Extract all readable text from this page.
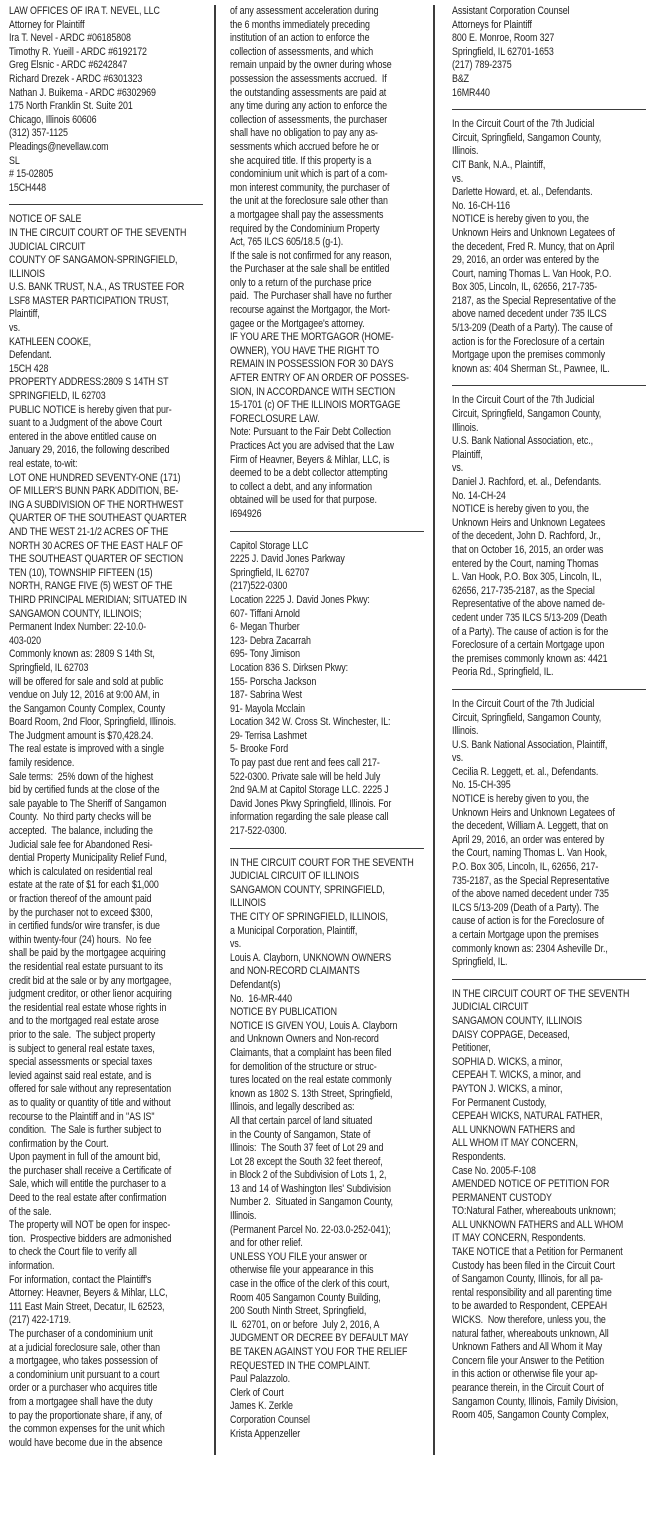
LAW OFFICES OF IRA T. NEVEL, LLC
Attorney for Plaintiff
Ira T. Nevel - ARDC #06185808
Timothy R. Yueill - ARDC #6192172
Greg Elsnic - ARDC #6242847
Richard Drezek - ARDC #6301323
Nathan J. Buikema - ARDC #6302969
175 North Franklin St. Suite 201
Chicago, Illinois 60606
(312) 357-1125
Pleadings@nevellaw.com
SL
# 15-02805
15CH448
NOTICE OF SALE
IN THE CIRCUIT COURT OF THE SEVENTH
JUDICIAL CIRCUIT
COUNTY OF SANGAMON-SPRINGFIELD,
ILLINOIS
U.S. BANK TRUST, N.A., AS TRUSTEE FOR
LSF8 MASTER PARTICIPATION TRUST,
Plaintiff,
vs.
KATHLEEN COOKE,
Defendant.
15CH 428
PROPERTY ADDRESS:2809 S 14TH ST
SPRINGFIELD, IL 62703
PUBLIC NOTICE is hereby given that pur-
suant to a Judgment of the above Court
entered in the above entitled cause on
January 29, 2016, the following described
real estate, to-wit:
LOT ONE HUNDRED SEVENTY-ONE (171)
OF MILLER'S BUNN PARK ADDITION, BE-
ING A SUBDIVISION OF THE NORTHWEST
QUARTER OF THE SOUTHEAST QUARTER
AND THE WEST 21-1/2 ACRES OF THE
NORTH 30 ACRES OF THE EAST HALF OF
THE SOUTHEAST QUARTER OF SECTION
TEN (10), TOWNSHIP FIFTEEN (15)
NORTH, RANGE FIVE (5) WEST OF THE
THIRD PRINCIPAL MERIDIAN; SITUATED IN
SANGAMON COUNTY, ILLINOIS;
Permanent Index Number: 22-10.0-
403-020
Commonly known as: 2809 S 14th St,
Springfield, IL 62703
will be offered for sale and sold at public
vendue on July 12, 2016 at 9:00 AM, in
the Sangamon County Complex, County
Board Room, 2nd Floor, Springfield, Illinois.
The Judgment amount is $70,428.24.
The real estate is improved with a single
family residence.
Sale terms:  25% down of the highest
bid by certified funds at the close of the
sale payable to The Sheriff of Sangamon
County.  No third party checks will be
accepted.  The balance, including the
Judicial sale fee for Abandoned Resi-
dential Property Municipality Relief Fund,
which is calculated on residential real
estate at the rate of $1 for each $1,000
or fraction thereof of the amount paid
by the purchaser not to exceed $300,
in certified funds/or wire transfer, is due
within twenty-four (24) hours.  No fee
shall be paid by the mortgagee acquiring
the residential real estate pursuant to its
credit bid at the sale or by any mortgagee,
judgment creditor, or other lienor acquiring
the residential real estate whose rights in
and to the mortgaged real estate arose
prior to the sale.  The subject property
is subject to general real estate taxes,
special assessments or special taxes
levied against said real estate, and is
offered for sale without any representation
as to quality or quantity of title and without
recourse to the Plaintiff and in "AS IS"
condition.  The Sale is further subject to
confirmation by the Court.
Upon payment in full of the amount bid,
the purchaser shall receive a Certificate of
Sale, which will entitle the purchaser to a
Deed to the real estate after confirmation
of the sale.
The property will NOT be open for inspec-
tion.  Prospective bidders are admonished
to check the Court file to verify all
information.
For information, contact the Plaintiff's
Attorney: Heavner, Beyers & Mihlar, LLC,
111 East Main Street, Decatur, IL 62523,
(217) 422-1719.
The purchaser of a condominium unit
at a judicial foreclosure sale, other than
a mortgagee, who takes possession of
a condominium unit pursuant to a court
order or a purchaser who acquires title
from a mortgagee shall have the duty
to pay the proportionate share, if any, of
the common expenses for the unit which
would have become due in the absence
of any assessment acceleration during
the 6 months immediately preceding
institution of an action to enforce the
collection of assessments, and which
remain unpaid by the owner during whose
possession the assessments accrued.  If
the outstanding assessments are paid at
any time during any action to enforce the
collection of assessments, the purchaser
shall have no obligation to pay any as-
sessments which accrued before he or
she acquired title. If this property is a
condominium unit which is part of a com-
mon interest community, the purchaser of
the unit at the foreclosure sale other than
a mortgagee shall pay the assessments
required by the Condominium Property
Act, 765 ILCS 605/18.5 (g-1).
If the sale is not confirmed for any reason,
the Purchaser at the sale shall be entitled
only to a return of the purchase price
paid.  The Purchaser shall have no further
recourse against the Mortgagor, the Mort-
gagee or the Mortgagee's attorney.
IF YOU ARE THE MORTGAGOR (HOME-
OWNER), YOU HAVE THE RIGHT TO
REMAIN IN POSSESSION FOR 30 DAYS
AFTER ENTRY OF AN ORDER OF POSSES-
SION, IN ACCORDANCE WITH SECTION
15-1701 (c) OF THE ILLINOIS MORTGAGE
FORECLOSURE LAW.
Note: Pursuant to the Fair Debt Collection
Practices Act you are advised that the Law
Firm of Heavner, Beyers & Mihlar, LLC, is
deemed to be a debt collector attempting
to collect a debt, and any information
obtained will be used for that purpose.
I694926
Capitol Storage LLC
2225 J. David Jones Parkway
Springfield, IL 62707
(217)522-0300
Location 2225 J. David Jones Pkwy:
607- Tiffani Arnold
6- Megan Thurber
123- Debra Zacarrah
695- Tony Jimison
Location 836 S. Dirksen Pkwy:
155- Porscha Jackson
187- Sabrina West
91- Mayola Mcclain
Location 342 W. Cross St. Winchester, IL:
29- Terrisa Lashmet
5- Brooke Ford
To pay past due rent and fees call 217-
522-0300. Private sale will be held July
2nd 9A.M at Capitol Storage LLC. 2225 J
David Jones Pkwy Springfield, Illinois. For
information regarding the sale please call
217-522-0300.
IN THE CIRCUIT COURT FOR THE SEVENTH
JUDICIAL CIRCUIT OF ILLINOIS
SANGAMON COUNTY, SPRINGFIELD,
ILLINOIS
THE CITY OF SPRINGFIELD, ILLINOIS,
a Municipal Corporation, Plaintiff,
vs.
Louis A. Clayborn, UNKNOWN OWNERS
and NON-RECORD CLAIMANTS
Defendant(s)
No.  16-MR-440
NOTICE BY PUBLICATION
NOTICE IS GIVEN YOU, Louis A. Clayborn
and Unknown Owners and Non-record
Claimants, that a complaint has been filed
for demolition of the structure or struc-
tures located on the real estate commonly
known as 1802 S. 13th Street, Springfield,
Illinois, and legally described as:
All that certain parcel of land situated
in the County of Sangamon, State of
Illinois:  The South 37 feet of Lot 29 and
Lot 28 except the South 32 feet thereof,
in Block 2 of the Subdivision of Lots 1, 2,
13 and 14 of Washington Iles' Subdivision
Number 2.  Situated in Sangamon County,
Illinois.
(Permanent Parcel No. 22-03.0-252-041);
and for other relief.
UNLESS YOU FILE your answer or
otherwise file your appearance in this
case in the office of the clerk of this court,
Room 405 Sangamon County Building,
200 South Ninth Street, Springfield,
IL  62701, on or before  July 2, 2016, A
JUDGMENT OR DECREE BY DEFAULT MAY
BE TAKEN AGAINST YOU FOR THE RELIEF
REQUESTED IN THE COMPLAINT.
Paul Palazzolo.
Clerk of Court
James K. Zerkle
Corporation Counsel
Krista Appenzeller
Assistant Corporation Counsel
Attorneys for Plaintiff
800 E. Monroe, Room 327
Springfield, IL 62701-1653
(217) 789-2375
B&Z
16MR440
In the Circuit Court of the 7th Judicial
Circuit, Springfield, Sangamon County,
Illinois.
CIT Bank, N.A., Plaintiff,
vs.
Darlette Howard, et. al., Defendants.
No. 16-CH-116
NOTICE is hereby given to you, the
Unknown Heirs and Unknown Legatees of
the decedent, Fred R. Muncy, that on April
29, 2016, an order was entered by the
Court, naming Thomas L. Van Hook, P.O.
Box 305, Lincoln, IL, 62656, 217-735-
2187, as the Special Representative of the
above named decedent under 735 ILCS
5/13-209 (Death of a Party). The cause of
action is for the Foreclosure of a certain
Mortgage upon the premises commonly
known as: 404 Sherman St., Pawnee, IL.
In the Circuit Court of the 7th Judicial
Circuit, Springfield, Sangamon County,
Illinois.
U.S. Bank National Association, etc.,
Plaintiff,
vs.
Daniel J. Rachford, et. al., Defendants.
No. 14-CH-24
NOTICE is hereby given to you, the
Unknown Heirs and Unknown Legatees
of the decedent, John D. Rachford, Jr.,
that on October 16, 2015, an order was
entered by the Court, naming Thomas
L. Van Hook, P.O. Box 305, Lincoln, IL,
62656, 217-735-2187, as the Special
Representative of the above named de-
cedent under 735 ILCS 5/13-209 (Death
of a Party). The cause of action is for the
Foreclosure of a certain Mortgage upon
the premises commonly known as: 4421
Peoria Rd., Springfield, IL.
In the Circuit Court of the 7th Judicial
Circuit, Springfield, Sangamon County,
Illinois.
U.S. Bank National Association, Plaintiff,
vs.
Cecilia R. Leggett, et. al., Defendants.
No. 15-CH-395
NOTICE is hereby given to you, the
Unknown Heirs and Unknown Legatees of
the decedent, William A. Leggett, that on
April 29, 2016, an order was entered by
the Court, naming Thomas L. Van Hook,
P.O. Box 305, Lincoln, IL, 62656, 217-
735-2187, as the Special Representative
of the above named decedent under 735
ILCS 5/13-209 (Death of a Party). The
cause of action is for the Foreclosure of
a certain Mortgage upon the premises
commonly known as: 2304 Asheville Dr.,
Springfield, IL.
IN THE CIRCUIT COURT OF THE SEVENTH
JUDICIAL CIRCUIT
SANGAMON COUNTY, ILLINOIS
DAISY COPPAGE, Deceased,
Petitioner,
SOPHIA D. WICKS, a minor,
CEPEAH T. WICKS, a minor, and
PAYTON J. WICKS, a minor,
For Permanent Custody,
CEPEAH WICKS, NATURAL FATHER,
ALL UNKNOWN FATHERS and
ALL WHOM IT MAY CONCERN,
Respondents.
Case No. 2005-F-108
AMENDED NOTICE OF PETITION FOR
PERMANENT CUSTODY
TO:Natural Father, whereabouts unknown;
ALL UNKNOWN FATHERS and ALL WHOM
IT MAY CONCERN, Respondents.
TAKE NOTICE that a Petition for Permanent
Custody has been filed in the Circuit Court
of Sangamon County, Illinois, for all pa-
rental responsibility and all parenting time
to be awarded to Respondent, CEPEAH
WICKS.  Now therefore, unless you, the
natural father, whereabouts unknown, All
Unknown Fathers and All Whom it May
Concern file your Answer to the Petition
in this action or otherwise file your ap-
pearance therein, in the Circuit Court of
Sangamon County, Illinois, Family Division,
Room 405, Sangamon County Complex,
